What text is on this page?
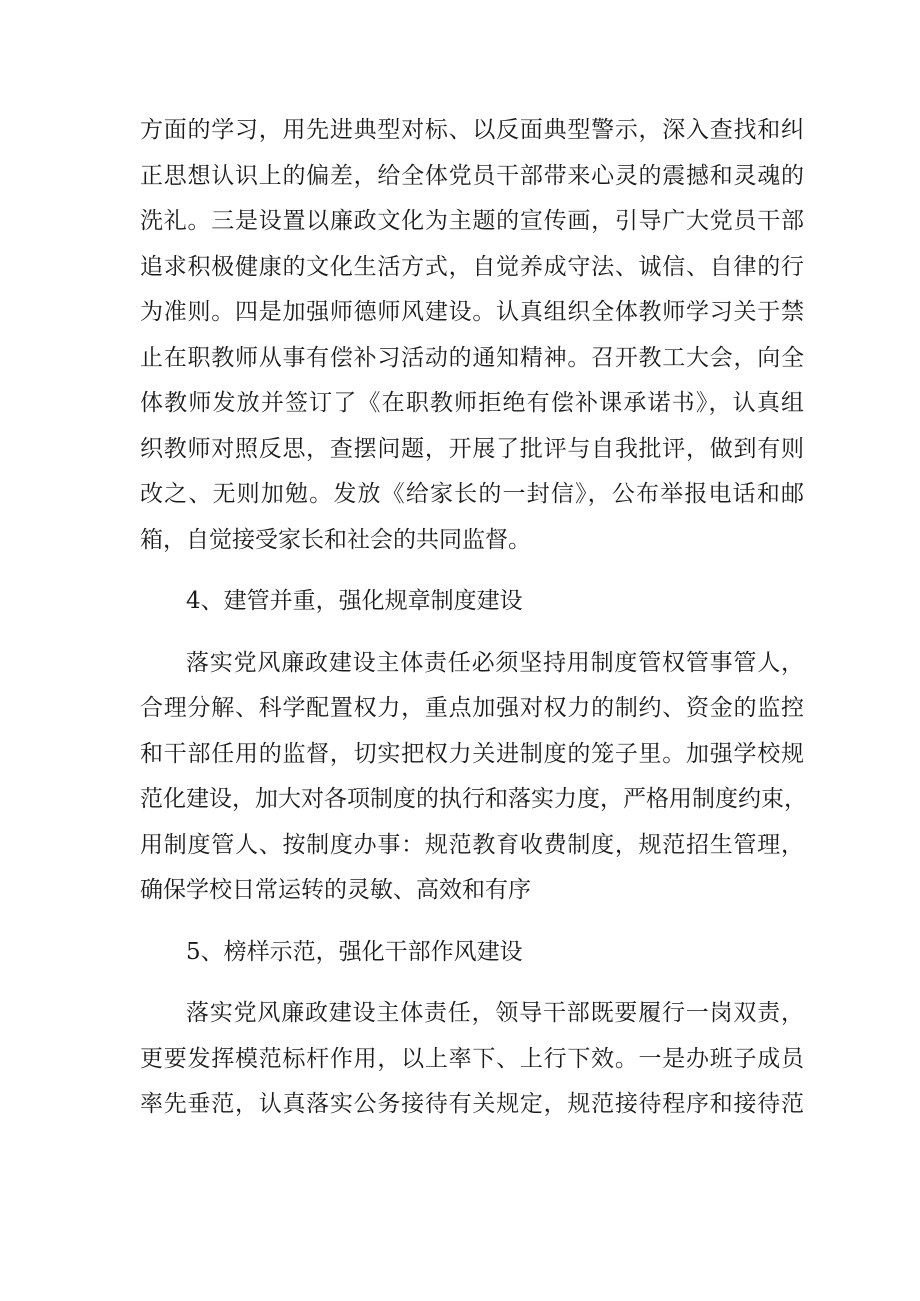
方面的学习，用先进典型对标、以反面典型警示，深入查找和纠
正思想认识上的偏差，给全体党员干部带来心灵的震撼和灵魂的
洗礼。三是设置以廉政文化为主题的宣传画，引导广大党员干部
追求积极健康的文化生活方式，自觉养成守法、诚信、自律的行
为准则。四是加强师德师风建设。认真组织全体教师学习关于禁
止在职教师从事有偿补习活动的通知精神。召开教工大会，向全
体教师发放并签订了《在职教师拒绝有偿补课承诺书》，认真组
织教师对照反思，查摆问题，开展了批评与自我批评，做到有则
改之、无则加勉。发放《给家长的一封信》，公布举报电话和邮
箱，自觉接受家长和社会的共同监督。
4、建管并重，强化规章制度建设
落实党风廉政建设主体责任必须坚持用制度管权管事管人，
合理分解、科学配置权力，重点加强对权力的制约、资金的监控
和干部任用的监督，切实把权力关进制度的笼子里。加强学校规
范化建设，加大对各项制度的执行和落实力度，严格用制度约束，
用制度管人、按制度办事：规范教育收费制度，规范招生管理，
确保学校日常运转的灵敏、高效和有序
5、榜样示范，强化干部作风建设
落实党风廉政建设主体责任，领导干部既要履行一岗双责，
更要发挥模范标杆作用，以上率下、上行下效。一是办班子成员
率先垂范，认真落实公务接待有关规定，规范接待程序和接待范
